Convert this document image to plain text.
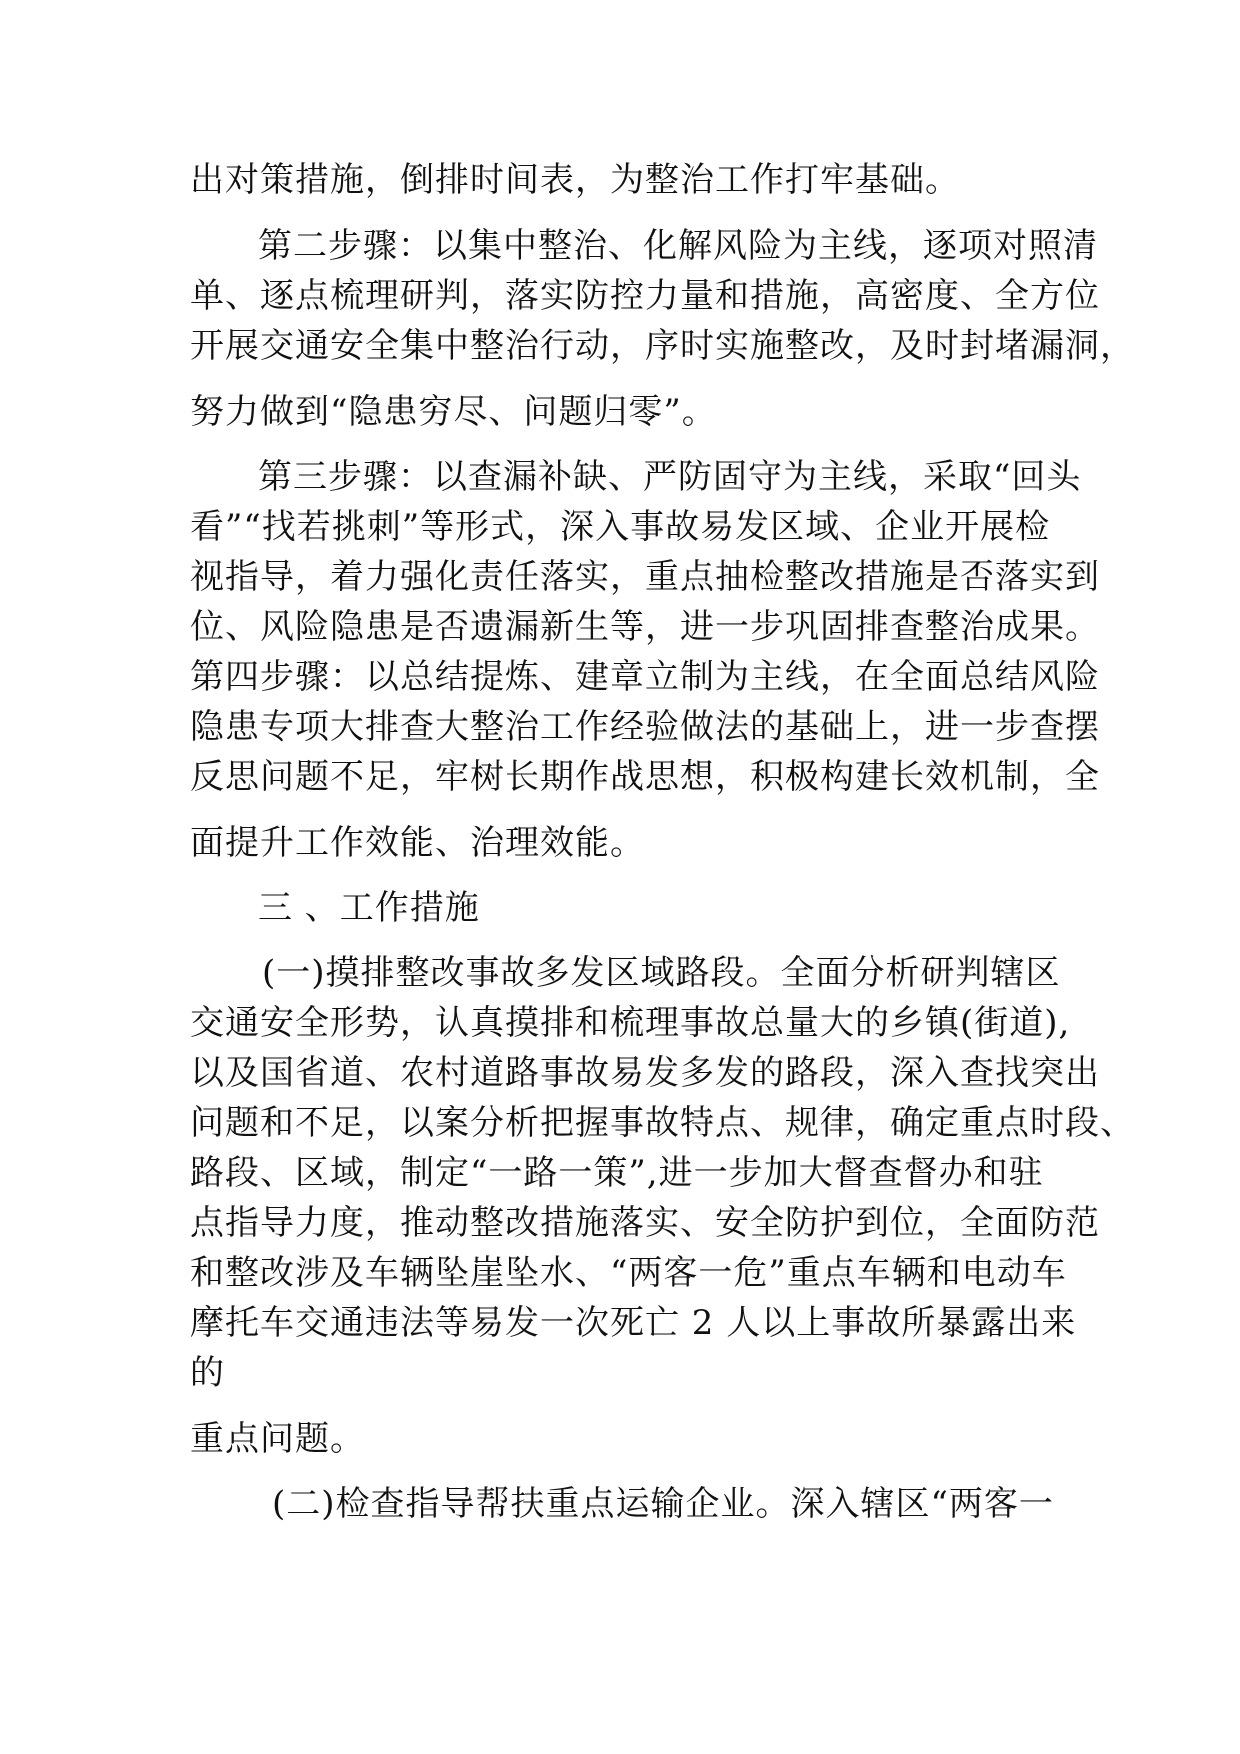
出对策措施，倒排时间表，为整治工作打牢基础。
第二步骤：以集中整治、化解风险为主线，逐项对照清
单、逐点梳理研判，落实防控力量和措施，高密度、全方位
开展交通安全集中整治行动，序时实施整改，及时封堵漏洞，
努力做到“隐患穷尽、问题归零”。
第三步骤：以查漏补缺、严防固守为主线，采取“回头
看”“找若挑刺”等形式，深入事故易发区域、企业开展检
视指导，着力强化责任落实，重点抽检整改措施是否落实到
位、风险隐患是否遗漏新生等，进一步巩固排查整治成果。
第四步骤：以总结提炼、建章立制为主线，在全面总结风险
隐患专项大排查大整治工作经验做法的基础上，进一步查摆
反思问题不足，牢树长期作战思想，积极构建长效机制，全
面提升工作效能、治理效能。
三 、工作措施
(一)摸排整改事故多发区域路段。全面分析研判辖区
交通安全形势，认真摸排和梳理事故总量大的乡镇(街道),
以及国省道、农村道路事故易发多发的路段，深入查找突出
问题和不足，以案分析把握事故特点、规律，确定重点时段、
路段、区域，制定“一路一策”,进一步加大督查督办和驻
点指导力度，推动整改措施落实、安全防护到位，全面防范
和整改涉及车辆坠崖坠水、“两客一危”重点车辆和电动车
摩托车交通违法等易发一次死亡 2 人以上事故所暴露出来
的
重点问题。
(二)检查指导帮扶重点运输企业。深入辖区“两客一
